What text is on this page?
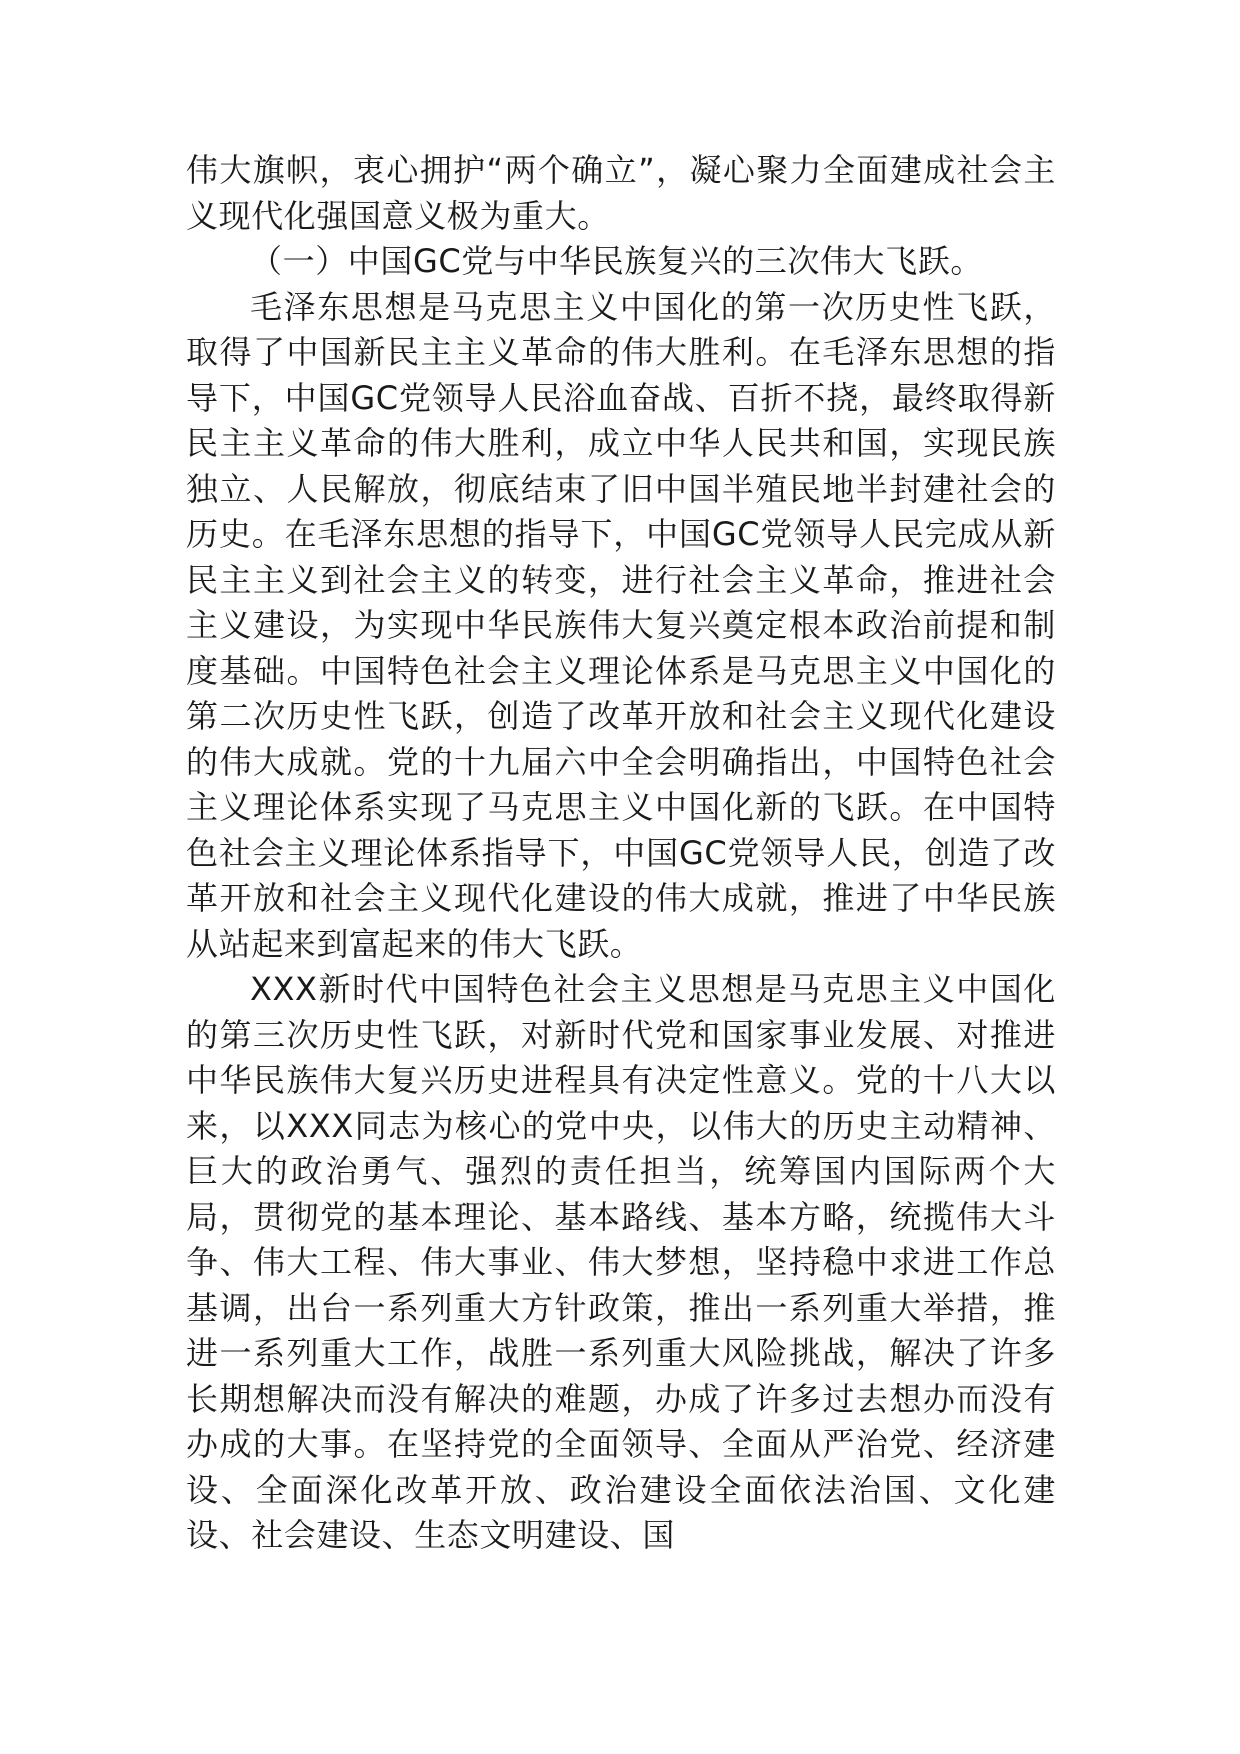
伟大旗帜，衷心拥护“两个确立”，凝心聚力全面建成社会主义现代化强国意义极为重大。

（一）中国GC党与中华民族复兴的三次伟大飞跃。

毛泽东思想是马克思主义中国化的第一次历史性飞跃，取得了中国新民主主义革命的伟大胜利。在毛泽东思想的指导下，中国GC党领导人民浴血奋战、百折不挠，最终取得新民主主义革命的伟大胜利，成立中华人民共和国，实现民族独立、人民解放，彻底结束了旧中国半殖民地半封建社会的历史。在毛泽东思想的指导下，中国GC党领导人民完成从新民主主义到社会主义的转变，进行社会主义革命，推进社会主义建设，为实现中华民族伟大复兴奠定根本政治前提和制度基础。中国特色社会主义理论体系是马克思主义中国化的第二次历史性飞跃，创造了改革开放和社会主义现代化建设的伟大成就。党的十九届六中全会明确指出，中国特色社会主义理论体系实现了马克思主义中国化新的飞跃。在中国特色社会主义理论体系指导下，中国GC党领导人民，创造了改革开放和社会主义现代化建设的伟大成就，推进了中华民族从站起来到富起来的伟大飞跃。

XXX新时代中国特色社会主义思想是马克思主义中国化的第三次历史性飞跃，对新时代党和国家事业发展、对推进中华民族伟大复兴历史进程具有决定性意义。党的十八大以来，以XXX同志为核心的党中央，以伟大的历史主动精神、巨大的政治勇气、强烈的责任担当，统筹国内国际两个大局，贯彻党的基本理论、基本路线、基本方略，统揽伟大斗争、伟大工程、伟大事业、伟大梦想，坚持稳中求进工作总基调，出台一系列重大方针政策，推出一系列重大举措，推进一系列重大工作，战胜一系列重大风险挑战，解决了许多长期想解决而没有解决的难题，办成了许多过去想办而没有办成的大事。在坚持党的全面领导、全面从严治党、经济建设、全面深化改革开放、政治建设全面依法治国、文化建设、社会建设、生态文明建设、国
